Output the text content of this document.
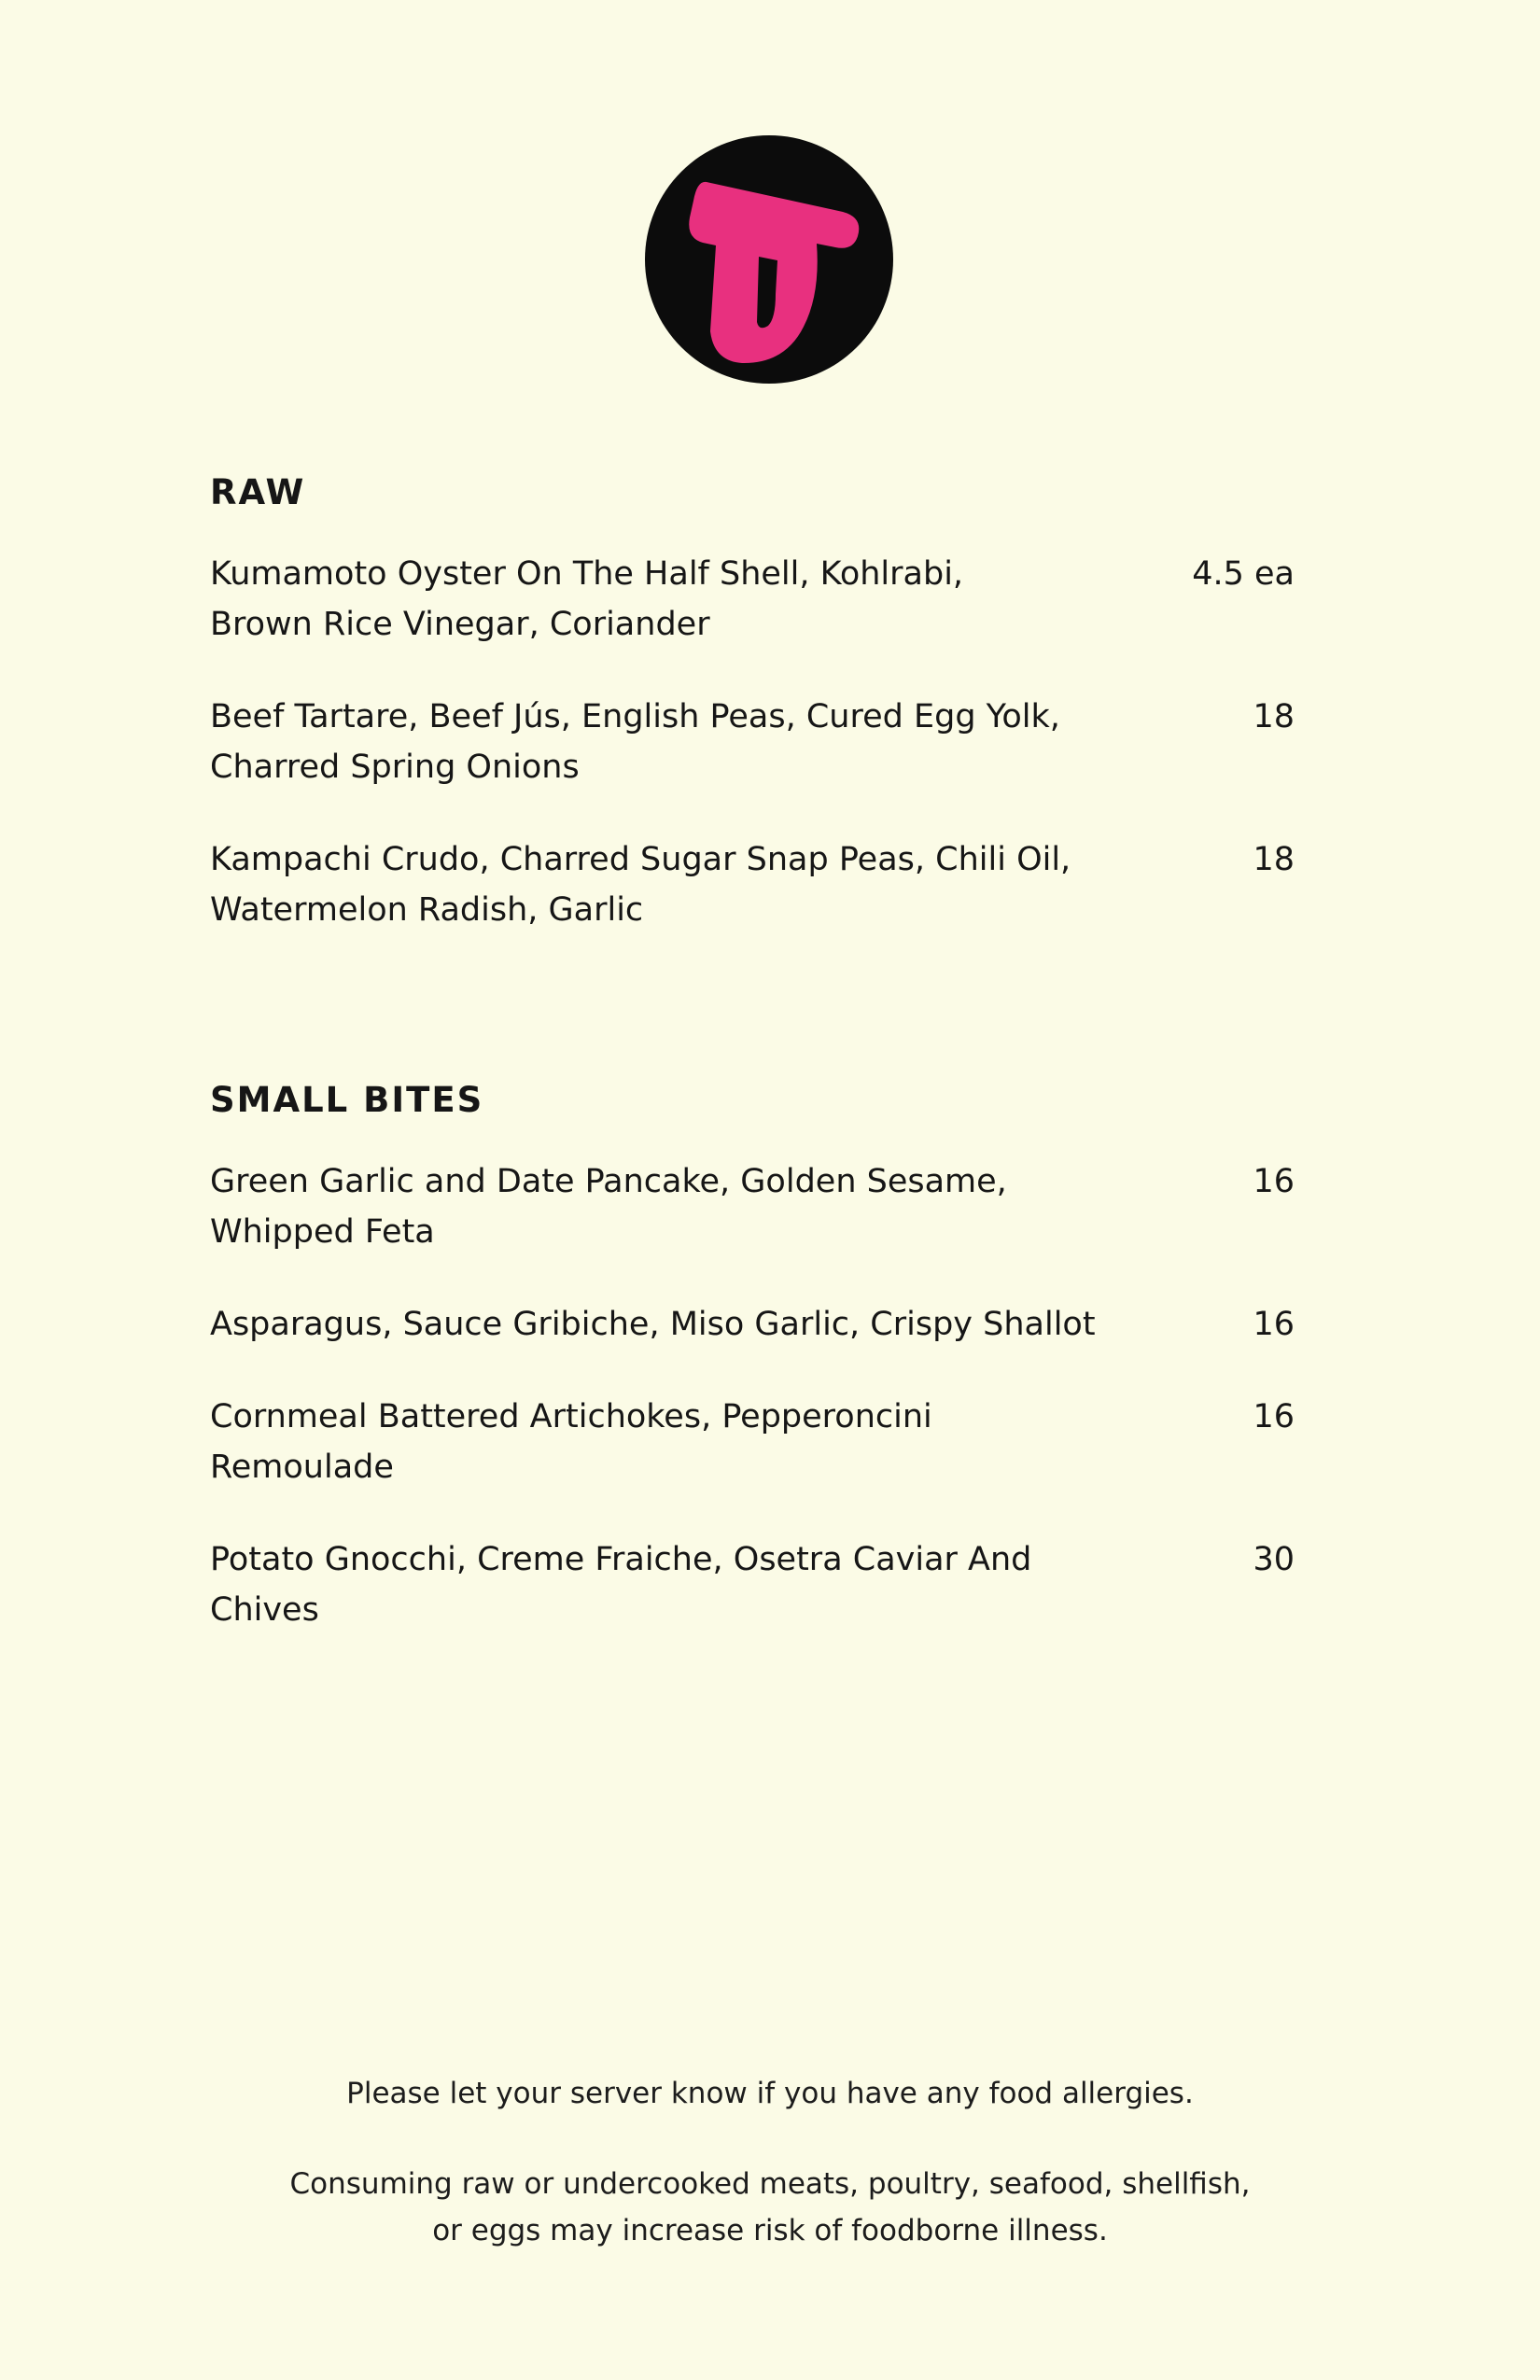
RAW
Kumamoto Oyster On The Half Shell, Kohlrabi,
Brown Rice Vinegar, Coriander
4.5 ea
Beef Tartare, Beef Jús, English Peas, Cured Egg Yolk,
Charred Spring Onions
18
Kampachi Crudo, Charred Sugar Snap Peas, Chili Oil,
Watermelon Radish, Garlic
18
SMALL BITES
Green Garlic and Date Pancake, Golden Sesame,
Whipped Feta
16
Asparagus, Sauce Gribiche, Miso Garlic, Crispy Shallot	16
Cornmeal Battered Artichokes, Pepperoncini Remoulade
16
Potato Gnocchi, Creme Fraiche, Osetra Caviar And Chives
30
Please let your server know if you have any food allergies.
Consuming raw or undercooked meats, poultry, seafood, shellfish,
or eggs may increase risk of foodborne illness.
